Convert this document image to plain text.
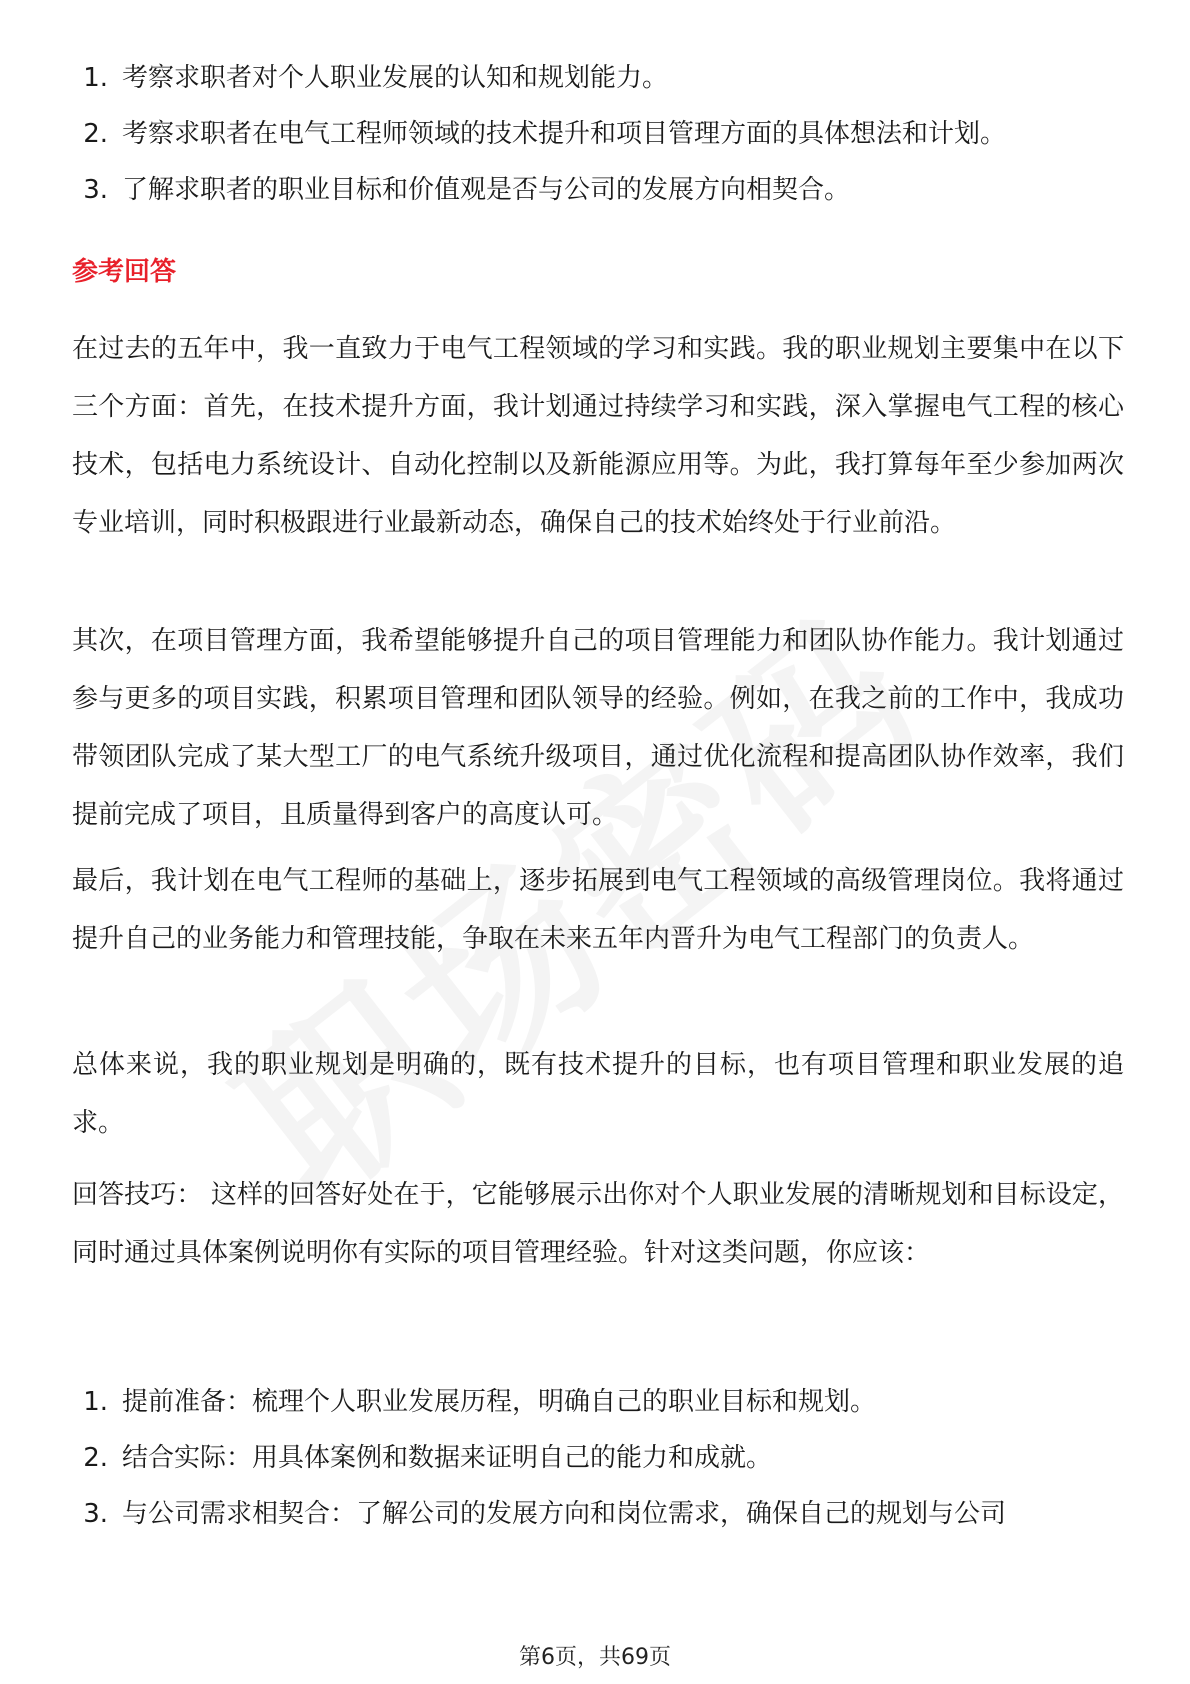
1. 考察求职者对个人职业发展的认知和规划能力。
2. 考察求职者在电气工程师领域的技术提升和项目管理方面的具体想法和计划。
3. 了解求职者的职业目标和价值观是否与公司的发展方向相契合。
参考回答

在过去的五年中，我一直致力于电气工程领域的学习和实践。我的职业规划主要集中在以下三个方面：首先，在技术提升方面，我计划通过持续学习和实践，深入掌握电气工程的核心技术，包括电力系统设计、自动化控制以及新能源应用等。为此，我打算每年至少参加两次专业培训，同时积极跟进行业最新动态，确保自己的技术始终处于行业前沿。

其次，在项目管理方面，我希望能够提升自己的项目管理能力和团队协作能力。我计划通过参与更多的项目实践，积累项目管理和团队领导的经验。例如，在我之前的工作中，我成功带领团队完成了某大型工厂的电气系统升级项目，通过优化流程和提高团队协作效率，我们提前完成了项目，且质量得到客户的高度认可。

最后，我计划在电气工程师的基础上，逐步拓展到电气工程领域的高级管理岗位。我将通过提升自己的业务能力和管理技能，争取在未来五年内晋升为电气工程部门的负责人。

总体来说，我的职业规划是明确的，既有技术提升的目标，也有项目管理和职业发展的追求。

回答技巧： 这样的回答好处在于，它能够展示出你对个人职业发展的清晰规划和目标设定，同时通过具体案例说明你有实际的项目管理经验。针对这类问题，你应该：

1. 提前准备：梳理个人职业发展历程，明确自己的职业目标和规划。
2. 结合实际：用具体案例和数据来证明自己的能力和成就。
3. 与公司需求相契合：了解公司的发展方向和岗位需求，确保自己的规划与公司
第6页，共69页
